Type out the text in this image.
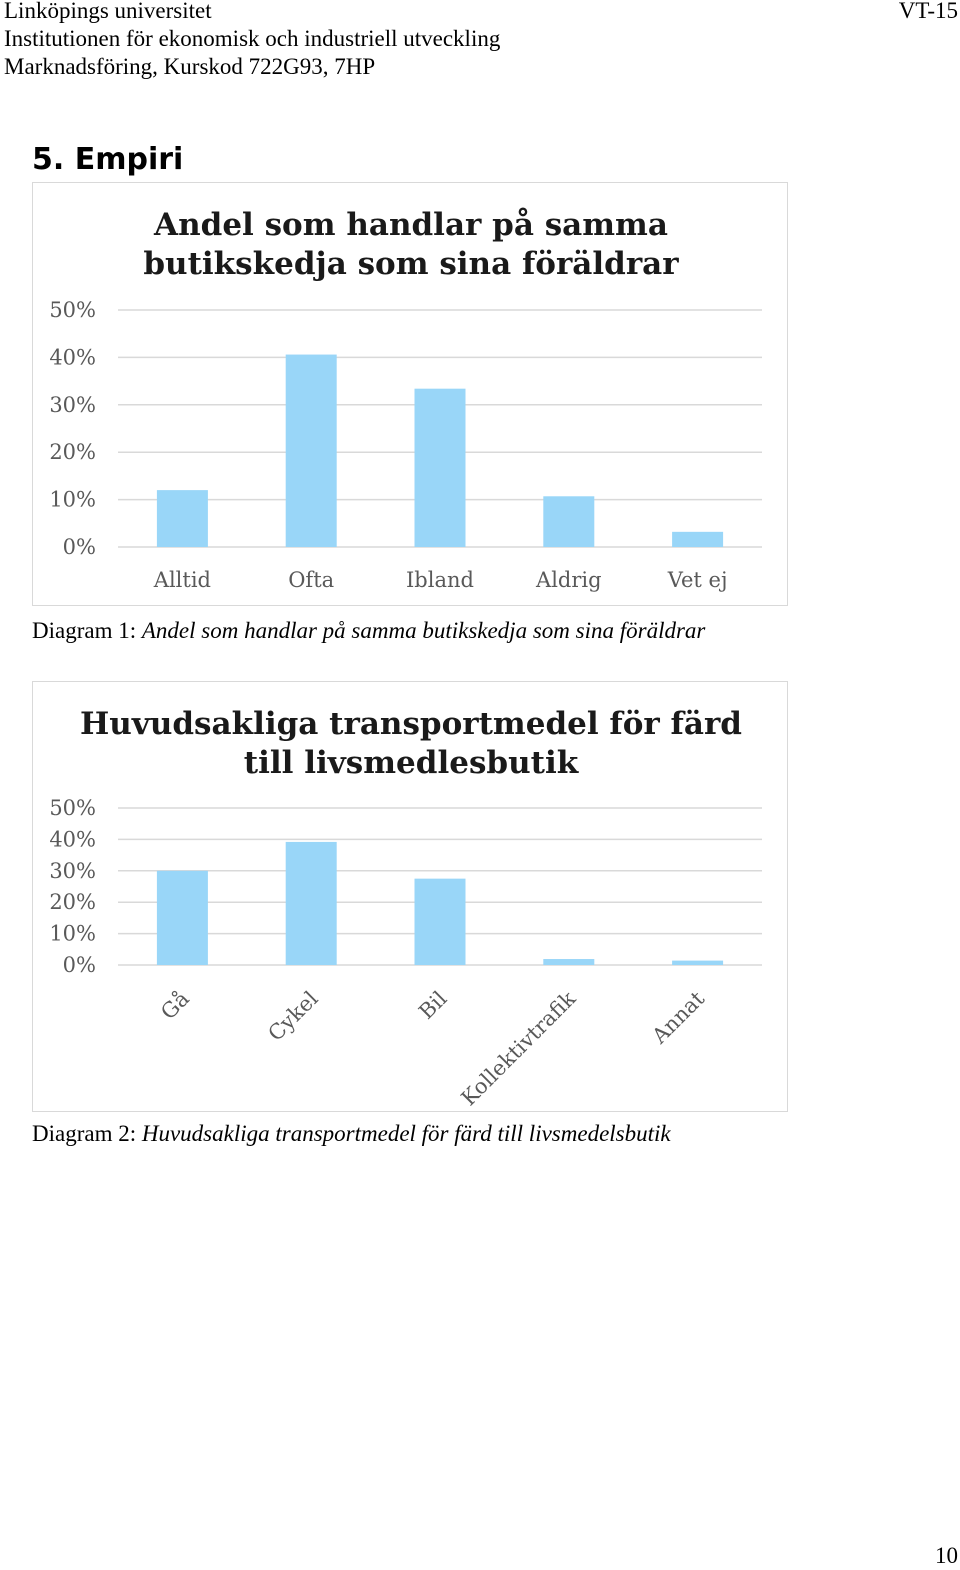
Linköpings universitet
Institutionen för ekonomisk och industriell utveckling
Marknadsföring, Kurskod 722G93, 7HP
VT-15
5. Empiri
Andel som handlar på samma
butikskedja som sina föräldrar
0%
10%
20%
30%
40%
50%
Alltid	Ofta	Ibland	Aldrig	Vet ej
Diagram 1: Andel som handlar på samma butikskedja som sina föräldrar
Huvudsakliga transportmedel för färd
till livsmedlesbutik
0%
10%
20%
30%
40%
50%
Gå	Cykel	Bil Kollektivtrafik	Annat
Diagram 2: Huvudsakliga transportmedel för färd till livsmedelsbutik
10
